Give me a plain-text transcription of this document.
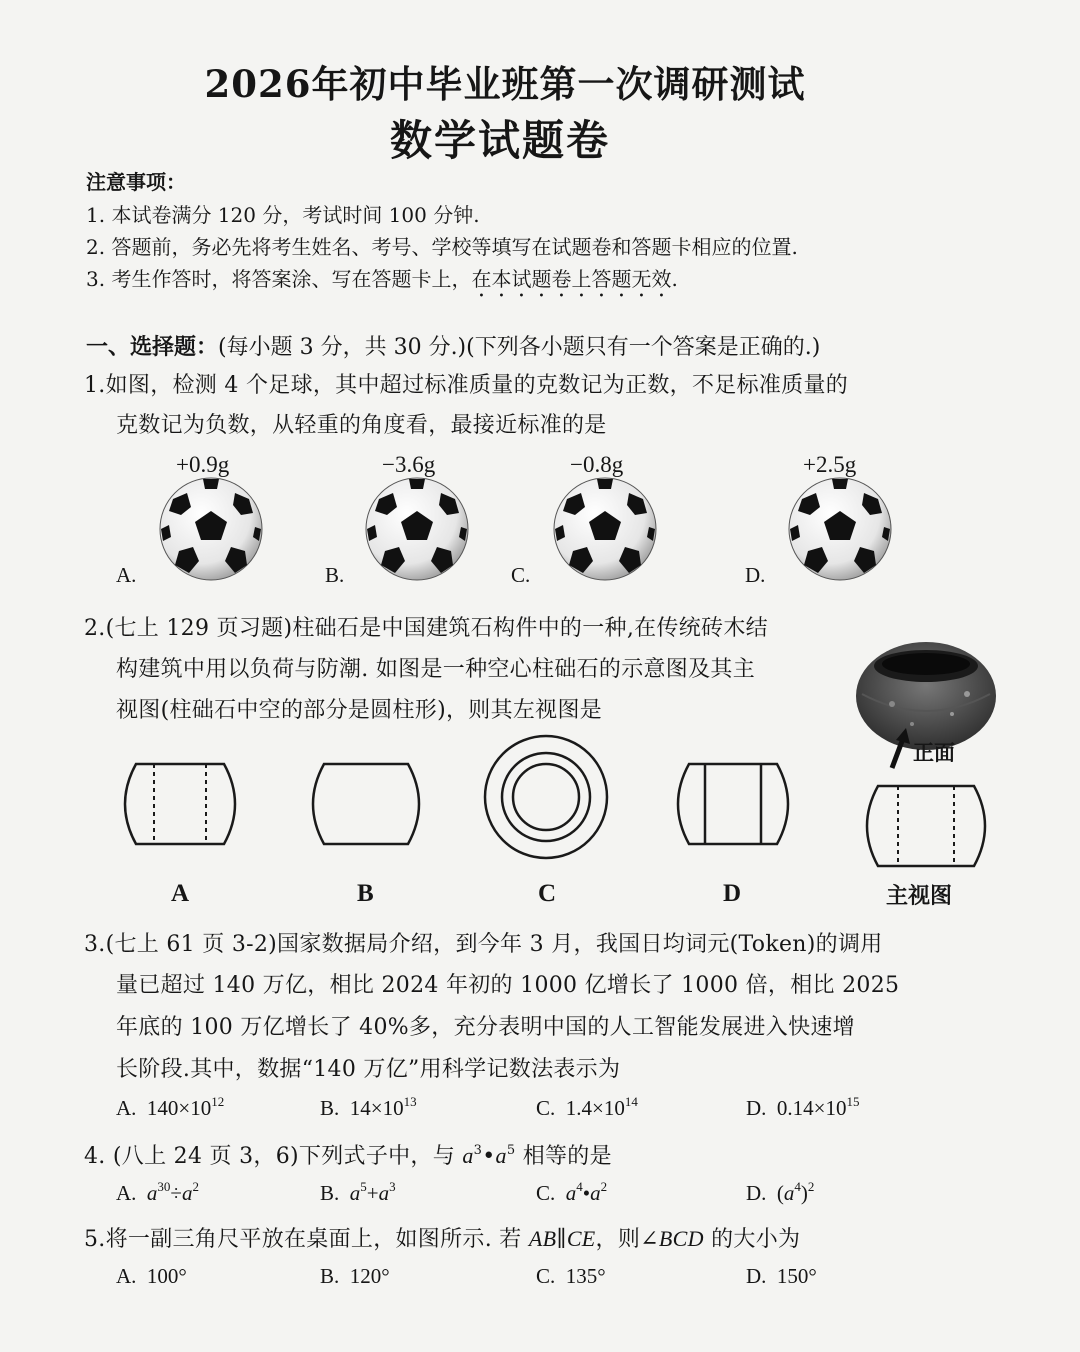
2026年初中毕业班第一次调研测试
数学试题卷
注意事项：
1. 本试卷满分 120 分，考试时间 100 分钟.
2. 答题前，务必先将考生姓名、考号、学校等填写在试题卷和答题卡相应的位置.
3. 考生作答时，将答案涂、写在答题卡上，在本试题卷上答题无效.
一、选择题：(每小题 3 分，共 30 分.)(下列各小题只有一个答案是正确的.)
1.如图，检测 4 个足球，其中超过标准质量的克数记为正数，不足标准质量的
克数记为负数，从轻重的角度看，最接近标准的是
+0.9g	−3.6g	−0.8g	+2.5g
A.	B.	C.	D.
2.(七上 129 页习题)柱础石是中国建筑石构件中的一种,在传统砖木结
构建筑中用以负荷与防潮. 如图是一种空心柱础石的示意图及其主
视图(柱础石中空的部分是圆柱形)，则其左视图是
正面
A	B	C	D	主视图
3.(七上 61 页 3-2)国家数据局介绍，到今年 3 月，我国日均词元(Token)的调用
量已超过 140 万亿，相比 2024 年初的 1000 亿增长了 1000 倍，相比 2025
年底的 100 万亿增长了 40%多，充分表明中国的人工智能发展进入快速增
长阶段.其中，数据“140 万亿”用科学记数法表示为
A. $140\times 10^{12}$	B. $14\times 10^{13}$	C. $1.4\times 10^{14}$	D. $0.14\times 10^{15}$
4. (八上 24 页 3，6)下列式子中，与 $a^3•a^5$ 相等的是
A. $a^{30}\div a^2$	B. $a^5+a^3$	C. $a^4•a^2$	D.  $(a^4)^2$
5.将一副三角尺平放在桌面上，如图所示. 若 AB∥CE，则∠BCD 的大小为
A. 100°	B. 120°	C. 135°	D. 150°
